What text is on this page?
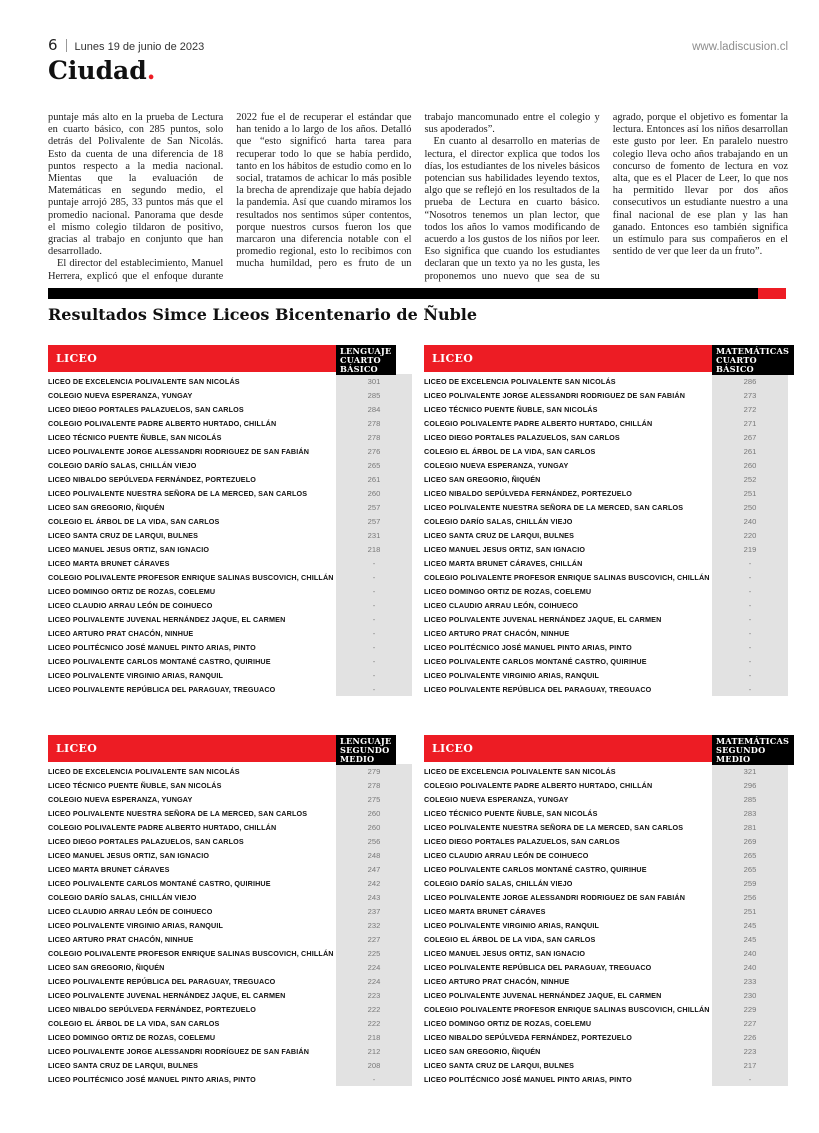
6 Lunes 19 de junio de 2023	www.ladiscusion.cl
Ciudad.

puntaje más alto en la prueba de Lectura en cuarto básico, con 285 puntos, solo detrás del Polivalente de San Nicolás. Esto da cuenta de una diferencia de 18 puntos respecto a la media nacional. Mientas que la evaluación de Matemáticas en segundo medio, el puntaje arrojó 285, 33 puntos más que el promedio nacional. Panorama que desde el mismo colegio tildaron de positivo, gracias al trabajo en conjunto que han desarrollado.

El director del establecimiento, Manuel Herrera, explicó que el enfoque durante 2022 fue el de recuperar el estándar que han tenido a lo largo de los años. Detalló que “esto significó harta tarea para recuperar todo lo que se había perdido, tanto en los hábitos de estudio como en lo social, tratamos de achicar lo más posible la brecha de aprendizaje que había dejado la pandemia. Así que cuando miramos los resultados nos sentimos súper contentos, porque nuestros cursos fueron los que marcaron una diferencia notable con el promedio regional, esto lo recibimos con mucha humildad, pero es fruto de un trabajo mancomunado entre el colegio y sus apoderados”.

En cuanto al desarrollo en materias de lectura, el director explica que todos los días, los estudiantes de los niveles básicos potencian sus habilidades leyendo textos, algo que se reflejó en los resultados de la prueba de Lectura en cuarto básico. “Nosotros tenemos un plan lector, que todos los años lo vamos modificando de acuerdo a los gustos de los niños por leer. Eso significa que cuando los estudiantes declaran que un texto ya no les gusta, les proponemos uno nuevo que sea de su agrado, porque el objetivo es fomentar la lectura. Entonces así los niños desarrollan este gusto por leer. En paralelo nuestro colegio lleva ocho años trabajando en un concurso de fomento de lectura en voz alta, que es el Placer de Leer, lo que nos ha permitido llevar por dos años consecutivos un estudiante nuestro a una final nacional de ese plan y las han ganado. Entonces eso también significa un estímulo para sus compañeros en el sentido de ver que leer da un fruto”.

Resultados Simce Liceos Bicentenario de Ñuble
LICEO
LENGUAJE
CUARTO
BÁSICO
LICEO DE EXCELENCIA POLIVALENTE SAN NICOLÁS	301
COLEGIO NUEVA ESPERANZA, YUNGAY	285
LICEO DIEGO PORTALES PALAZUELOS, SAN CARLOS	284
COLEGIO POLIVALENTE PADRE ALBERTO HURTADO, CHILLÁN	278
LICEO TÉCNICO PUENTE ÑUBLE, SAN NICOLÁS	278
LICEO POLIVALENTE JORGE ALESSANDRI RODRIGUEZ DE SAN FABIÁN	276
COLEGIO DARÍO SALAS, CHILLÁN VIEJO	265
LICEO NIBALDO SEPÚLVEDA FERNÁNDEZ, PORTEZUELO	261
LICEO POLIVALENTE NUESTRA SEÑORA DE LA MERCED, SAN CARLOS	260
LICEO SAN GREGORIO, ÑIQUÉN	257
COLEGIO EL ÁRBOL DE LA VIDA, SAN CARLOS	257
LICEO SANTA CRUZ DE LARQUI, BULNES	231
LICEO MANUEL JESUS ORTIZ, SAN IGNACIO	218
LICEO MARTA BRUNET CÁRAVES	-
COLEGIO POLIVALENTE PROFESOR ENRIQUE SALINAS BUSCOVICH, CHILLÁN	-
LICEO DOMINGO ORTIZ DE ROZAS, COELEMU	-
LICEO CLAUDIO ARRAU LEÓN DE COIHUECO	-
LICEO POLIVALENTE JUVENAL HERNÁNDEZ JAQUE, EL CARMEN	-
LICEO ARTURO PRAT CHACÓN, NINHUE	-
LICEO POLITÉCNICO JOSÉ MANUEL PINTO ARIAS, PINTO	-
LICEO POLIVALENTE CARLOS MONTANÉ CASTRO, QUIRIHUE	-
LICEO POLIVALENTE VIRGINIO ARIAS, RANQUIL	-
LICEO POLIVALENTE REPÚBLICA DEL PARAGUAY, TREGUACO	-
LICEO
MATEMÁTICAS
CUARTO
BÁSICO
LICEO DE EXCELENCIA POLIVALENTE SAN NICOLÁS	286
LICEO POLIVALENTE JORGE ALESSANDRI RODRIGUEZ DE SAN FABIÁN	273
LICEO TÉCNICO PUENTE ÑUBLE, SAN NICOLÁS	272
COLEGIO POLIVALENTE PADRE ALBERTO HURTADO, CHILLÁN	271
LICEO DIEGO PORTALES PALAZUELOS, SAN CARLOS	267
COLEGIO EL ÁRBOL DE LA VIDA, SAN CARLOS	261
COLEGIO NUEVA ESPERANZA, YUNGAY	260
LICEO SAN GREGORIO, ÑIQUÉN	252
LICEO NIBALDO SEPÚLVEDA FERNÁNDEZ, PORTEZUELO	251
LICEO POLIVALENTE NUESTRA SEÑORA DE LA MERCED, SAN CARLOS	250
COLEGIO DARÍO SALAS, CHILLÁN VIEJO	240
LICEO SANTA CRUZ DE LARQUI, BULNES	220
LICEO MANUEL JESUS ORTIZ, SAN IGNACIO	219
LICEO MARTA BRUNET CÁRAVES, CHILLÁN	-
COLEGIO POLIVALENTE PROFESOR ENRIQUE SALINAS BUSCOVICH, CHILLÁN	-
LICEO DOMINGO ORTIZ DE ROZAS, COELEMU	-
LICEO CLAUDIO ARRAU LEÓN, COIHUECO	-
LICEO POLIVALENTE JUVENAL HERNÁNDEZ JAQUE, EL CARMEN	-
LICEO ARTURO PRAT CHACÓN, NINHUE	-
LICEO POLITÉCNICO JOSÉ MANUEL PINTO ARIAS, PINTO	-
LICEO POLIVALENTE CARLOS MONTANÉ CASTRO, QUIRIHUE	-
LICEO POLIVALENTE VIRGINIO ARIAS, RANQUIL	-
LICEO POLIVALENTE REPÚBLICA DEL PARAGUAY, TREGUACO	-
LICEO
LENGUAJE
SEGUNDO
MEDIO
LICEO DE EXCELENCIA POLIVALENTE SAN NICOLÁS	279
LICEO TÉCNICO PUENTE ÑUBLE, SAN NICOLÁS	278
COLEGIO NUEVA ESPERANZA, YUNGAY	275
LICEO POLIVALENTE NUESTRA SEÑORA DE LA MERCED, SAN CARLOS	260
COLEGIO POLIVALENTE PADRE ALBERTO HURTADO, CHILLÁN	260
LICEO DIEGO PORTALES PALAZUELOS, SAN CARLOS	256
LICEO MANUEL JESUS ORTIZ, SAN IGNACIO	248
LICEO MARTA BRUNET CÁRAVES	247
LICEO POLIVALENTE CARLOS MONTANÉ CASTRO, QUIRIHUE	242
COLEGIO DARÍO SALAS, CHILLÁN VIEJO	243
LICEO CLAUDIO ARRAU LEÓN DE COIHUECO	237
LICEO POLIVALENTE VIRGINIO ARIAS, RANQUIL	232
LICEO ARTURO PRAT CHACÓN, NINHUE	227
COLEGIO POLIVALENTE PROFESOR ENRIQUE SALINAS BUSCOVICH, CHILLÁN	225
LICEO SAN GREGORIO, ÑIQUÉN	224
LICEO POLIVALENTE REPÚBLICA DEL PARAGUAY, TREGUACO	224
LICEO POLIVALENTE JUVENAL HERNÁNDEZ JAQUE, EL CARMEN	223
LICEO NIBALDO SEPÚLVEDA FERNÁNDEZ, PORTEZUELO	222
COLEGIO EL ÁRBOL DE LA VIDA, SAN CARLOS	222
LICEO DOMINGO ORTIZ DE ROZAS, COELEMU	218
LICEO POLIVALENTE JORGE ALESSANDRI RODRÍGUEZ DE SAN FABIÁN	212
LICEO SANTA CRUZ DE LARQUI, BULNES	208
LICEO POLITÉCNICO JOSÉ MANUEL PINTO ARIAS, PINTO	-
LICEO
MATEMÁTICAS
SEGUNDO
MEDIO
LICEO DE EXCELENCIA POLIVALENTE SAN NICOLÁS	321
COLEGIO POLIVALENTE PADRE ALBERTO HURTADO, CHILLÁN	296
COLEGIO NUEVA ESPERANZA, YUNGAY	285
LICEO TÉCNICO PUENTE ÑUBLE, SAN NICOLÁS	283
LICEO POLIVALENTE NUESTRA SEÑORA DE LA MERCED, SAN CARLOS	281
LICEO DIEGO PORTALES PALAZUELOS, SAN CARLOS	269
LICEO CLAUDIO ARRAU LEÓN DE COIHUECO	265
LICEO POLIVALENTE CARLOS MONTANÉ CASTRO, QUIRIHUE	265
COLEGIO DARÍO SALAS, CHILLÁN VIEJO	259
LICEO POLIVALENTE JORGE ALESSANDRI RODRIGUEZ DE SAN FABIÁN	256
LICEO MARTA BRUNET CÁRAVES	251
LICEO POLIVALENTE VIRGINIO ARIAS, RANQUIL	245
COLEGIO EL ÁRBOL DE LA VIDA, SAN CARLOS	245
LICEO MANUEL JESUS ORTIZ, SAN IGNACIO	240
LICEO POLIVALENTE REPÚBLICA DEL PARAGUAY, TREGUACO	240
LICEO ARTURO PRAT CHACÓN, NINHUE	233
LICEO POLIVALENTE JUVENAL HERNÁNDEZ JAQUE, EL CARMEN	230
COLEGIO POLIVALENTE PROFESOR ENRIQUE SALINAS BUSCOVICH, CHILLÁN	229
LICEO DOMINGO ORTIZ DE ROZAS, COELEMU	227
LICEO NIBALDO SEPÚLVEDA FERNÁNDEZ, PORTEZUELO	226
LICEO SAN GREGORIO, ÑIQUÉN	223
LICEO SANTA CRUZ DE LARQUI, BULNES	217
LICEO POLITÉCNICO JOSÉ MANUEL PINTO ARIAS, PINTO	-
